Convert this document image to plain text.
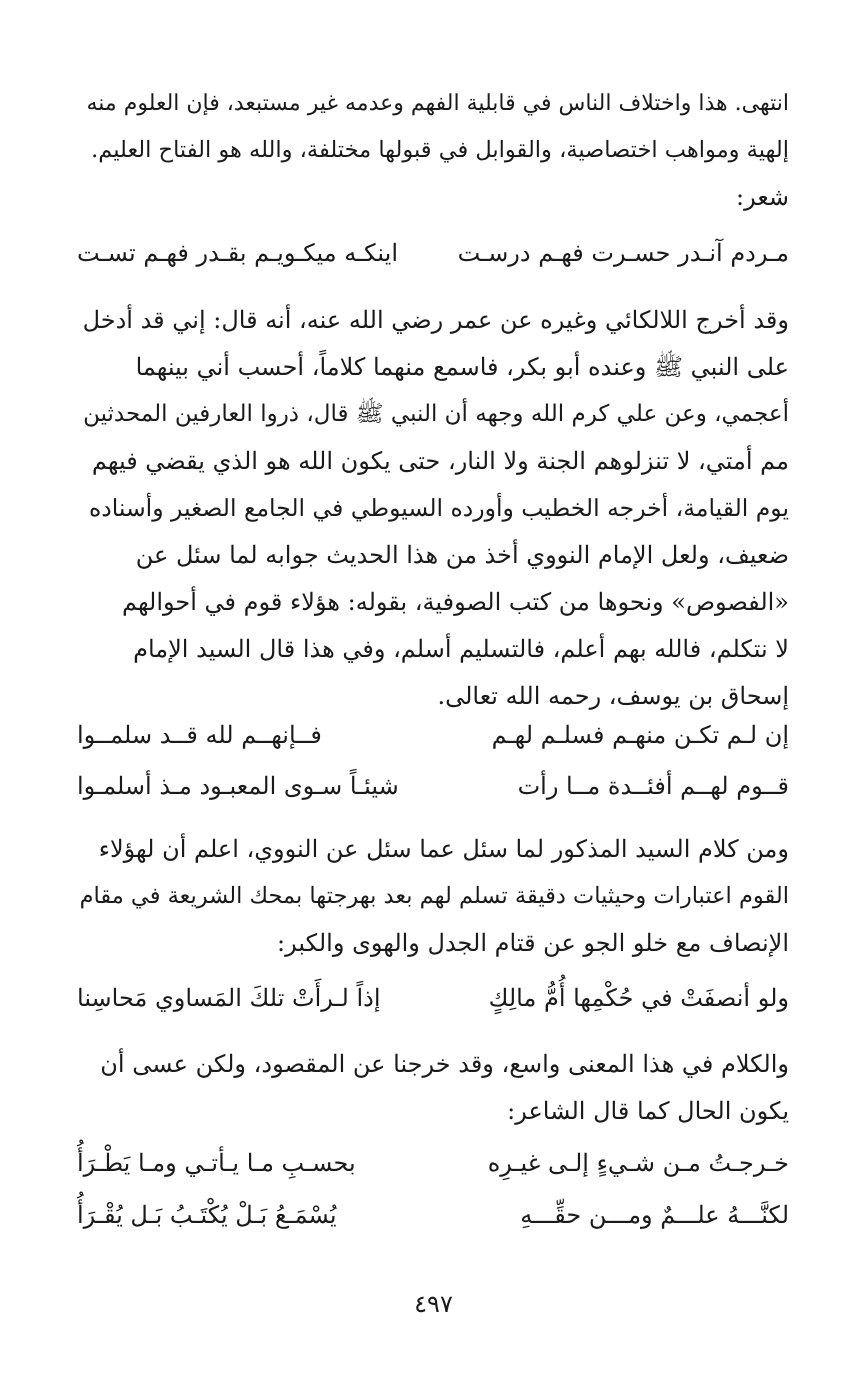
انتهى. هذا واختلاف الناس في قابلية الفهم وعدمه غير مستبعد، فإن العلوم منه
إلهية ومواهب اختصاصية، والقوابل في قبولها مختلفة، والله هو الفتاح العليم.
شعر:
مـردم آنـدر حسـرت فهـم درسـت
اينكـه ميكـويـم بقـدر فهـم تسـت
وقد أخرج اللالكائي وغيره عن عمر رضي الله عنه، أنه قال: إني قد أدخل
على النبي ﷺ وعنده أبو بكر، فاسمع منهما كلاماً، أحسب أني بينهما
أعجمي، وعن علي كرم الله وجهه أن النبي ﷺ قال، ذروا العارفين المحدثين
مم أمتي، لا تنزلوهم الجنة ولا النار، حتى يكون الله هو الذي يقضي فيهم
يوم القيامة، أخرجه الخطيب وأورده السيوطي في الجامع الصغير وأسناده
ضعيف، ولعل الإمام النووي أخذ من هذا الحديث جوابه لما سئل عن
«الفصوص» ونحوها من كتب الصوفية، بقوله: هؤلاء قوم في أحوالهم
لا نتكلم، فالله بهم أعلم، فالتسليم أسلم، وفي هذا قال السيد الإمام
إسحاق بن يوسف، رحمه الله تعالى.
إن لـم تكـن منهـم فسلـم لهـم
فــإنهــم لله قــد سلمــوا
قــوم لهــم أفئــدة مــا رأت
شيئـاً سـوى المعبـود مـذ أسلمـوا
ومن كلام السيد المذكور لما سئل عما سئل عن النووي، اعلم أن لهؤلاء
القوم اعتبارات وحيثيات دقيقة تسلم لهم بعد بهرجتها بمحك الشريعة في مقام
الإنصاف مع خلو الجو عن قتام الجدل والهوى والكبر:
ولو أنصفَتْ في حُكْمِها أُمُّ مالِكٍ
إذاً لـرأَتْ تلكَ المَساوي مَحاسِنا
والكلام في هذا المعنى واسع، وقد خرجنا عن المقصود، ولكن عسى أن
يكون الحال كما قال الشاعر:
خـرجـتُ مـن شـيءٍ إلـى غيـرِه
بحسـبِ مـا يـأتـي ومـا يَطْـرَأُ
لكنَّـــهُ علـــمٌ ومـــن حقِّـــهِ
يُسْمَـعُ بَـلْ يُكْتَـبُ بَـل يُقْـرَأُ
٤٩٧
